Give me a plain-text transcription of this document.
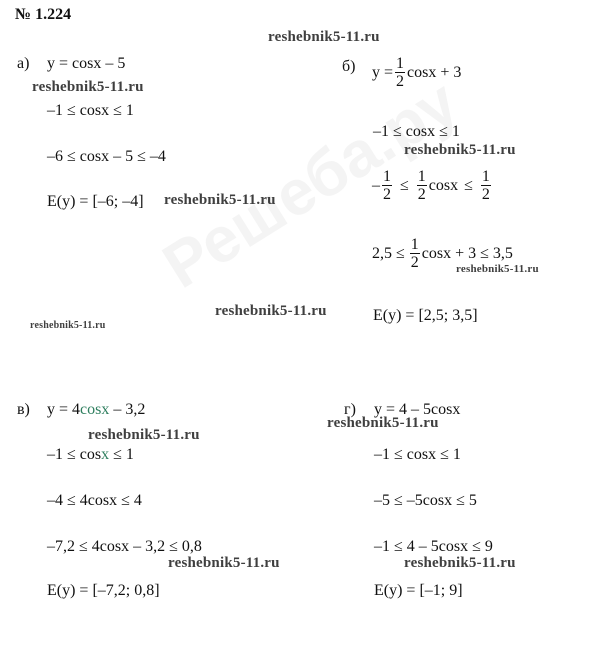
№ 1.224
reshebnik5-11.ru
а) y = cosx – 5
reshebnik5-11.ru
–1 ≤ cosx ≤ 1
–6 ≤ cosx – 5 ≤ –4
E(y) = [–6; –4] reshebnik5-11.ru
б) $y = \frac{1}{2}$ cosx + 3
–1 ≤ cosx ≤ 1
reshebnik5-11.ru
– $\frac{1}{2} \le \frac{1}{2}$ $\cos x \le \frac{1}{2}$
$2,5 \le \frac{1}{2}$ cosx + 3 ≤ 3,5
reshebnik5-11.ru
E(y) = [2,5; 3,5]
reshebnik5-11.ru
reshebnik5-11.ru
в) y = 4cosx – 3,2
reshebnik5-11.ru
–1 ≤ cosx ≤ 1
–4 ≤ 4cosx ≤ 4
–7,2 ≤ 4cosx – 3,2 ≤ 0,8
reshebnik5-11.ru
E(y) = [–7,2; 0,8]
г) y = 4 – 5cosx
reshebnik5-11.ru
–1 ≤ cosx ≤ 1
–5 ≤ –5cosx ≤ 5
–1 ≤ 4 – 5cosx ≤ 9
reshebnik5-11.ru
E(y) = [–1; 9]
